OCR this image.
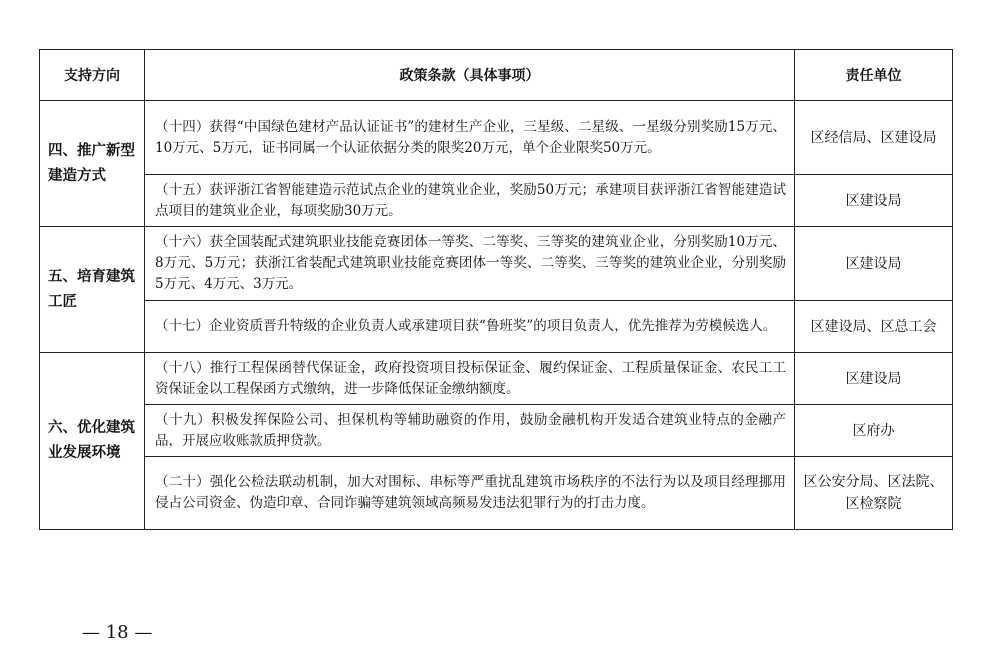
支持方向	政策条款（具体事项）	责任单位
四、推广新型建造方式	（十四）获得“中国绿色建材产品认证证书”的建材生产企业，三星级、二星级、一星级分别奖励15万元、10万元、5万元，证书同属一个认证依据分类的限奖20万元，单个企业限奖50万元。	区经信局、区建设局
	（十五）获评浙江省智能建造示范试点企业的建筑业企业，奖励50万元；承建项目获评浙江省智能建造试点项目的建筑业企业，每项奖励30万元。	区建设局
五、培育建筑工匠	（十六）获全国装配式建筑职业技能竞赛团体一等奖、二等奖、三等奖的建筑业企业，分别奖励10万元、8万元、5万元；获浙江省装配式建筑职业技能竞赛团体一等奖、二等奖、三等奖的建筑业企业，分别奖励5万元、4万元、3万元。	区建设局
	（十七）企业资质晋升特级的企业负责人或承建项目获“鲁班奖”的项目负责人，优先推荐为劳模候选人。	区建设局、区总工会
六、优化建筑业发展环境	（十八）推行工程保函替代保证金，政府投资项目投标保证金、履约保证金、工程质量保证金、农民工工资保证金以工程保函方式缴纳，进一步降低保证金缴纳额度。	区建设局
	（十九）积极发挥保险公司、担保机构等辅助融资的作用，鼓励金融机构开发适合建筑业特点的金融产品，开展应收账款质押贷款。	区府办
	（二十）强化公检法联动机制，加大对围标、串标等严重扰乱建筑市场秩序的不法行为以及项目经理挪用侵占公司资金、伪造印章、合同诈骗等建筑领域高频易发违法犯罪行为的打击力度。	区公安分局、区法院、区检察院
— 18 —
